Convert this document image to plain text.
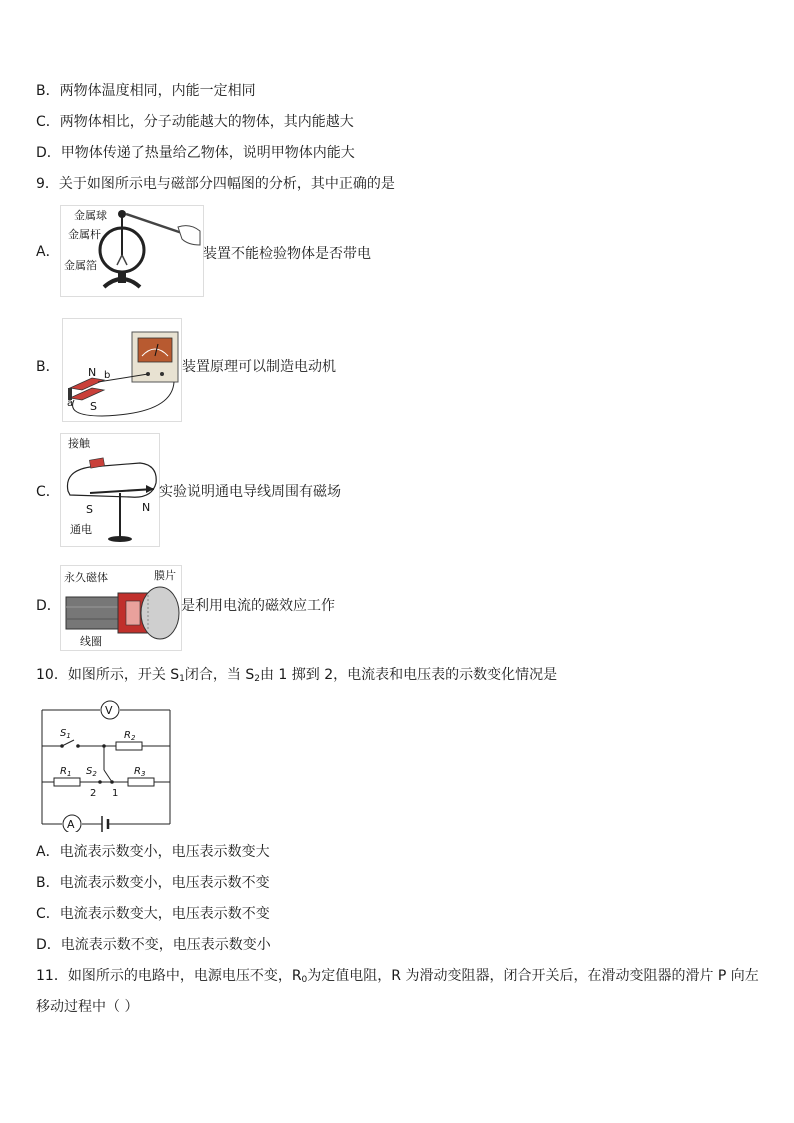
B．两物体温度相同，内能一定相同
C．两物体相比，分子动能越大的物体，其内能越大
D．甲物体传递了热量给乙物体，说明甲物体内能大
9．关于如图所示电与磁部分四幅图的分析，其中正确的是
A．
金属球
金属杆
金属箔
装置不能检验物体是否带电
B．	N b
a S
装置原理可以制造电动机
C．
接触
S	N
通电
实验说明通电导线周围有磁场
D．
永久磁体	膜片
线圈
是利用电流的磁效应工作
10．如图所示，开关 $S_1$闭合，当 $S_2$由 1 掷到 2，电流表和电压表的示数变化情况是
V
A
$S_1$	$R_2$
$R_1$ $S_2$	$R_3$
2 1
A．电流表示数变小，电压表示数变大
B．电流表示数变小，电压表示数不变
C．电流表示数变大，电压表示数不变
D．电流表示数不变，电压表示数变小
11．如图所示的电路中，电源电压不变，$R_0$为定值电阻，R 为滑动变阻器，闭合开关后，在滑动变阻器的滑片 P 向左
移动过程中（ ）
